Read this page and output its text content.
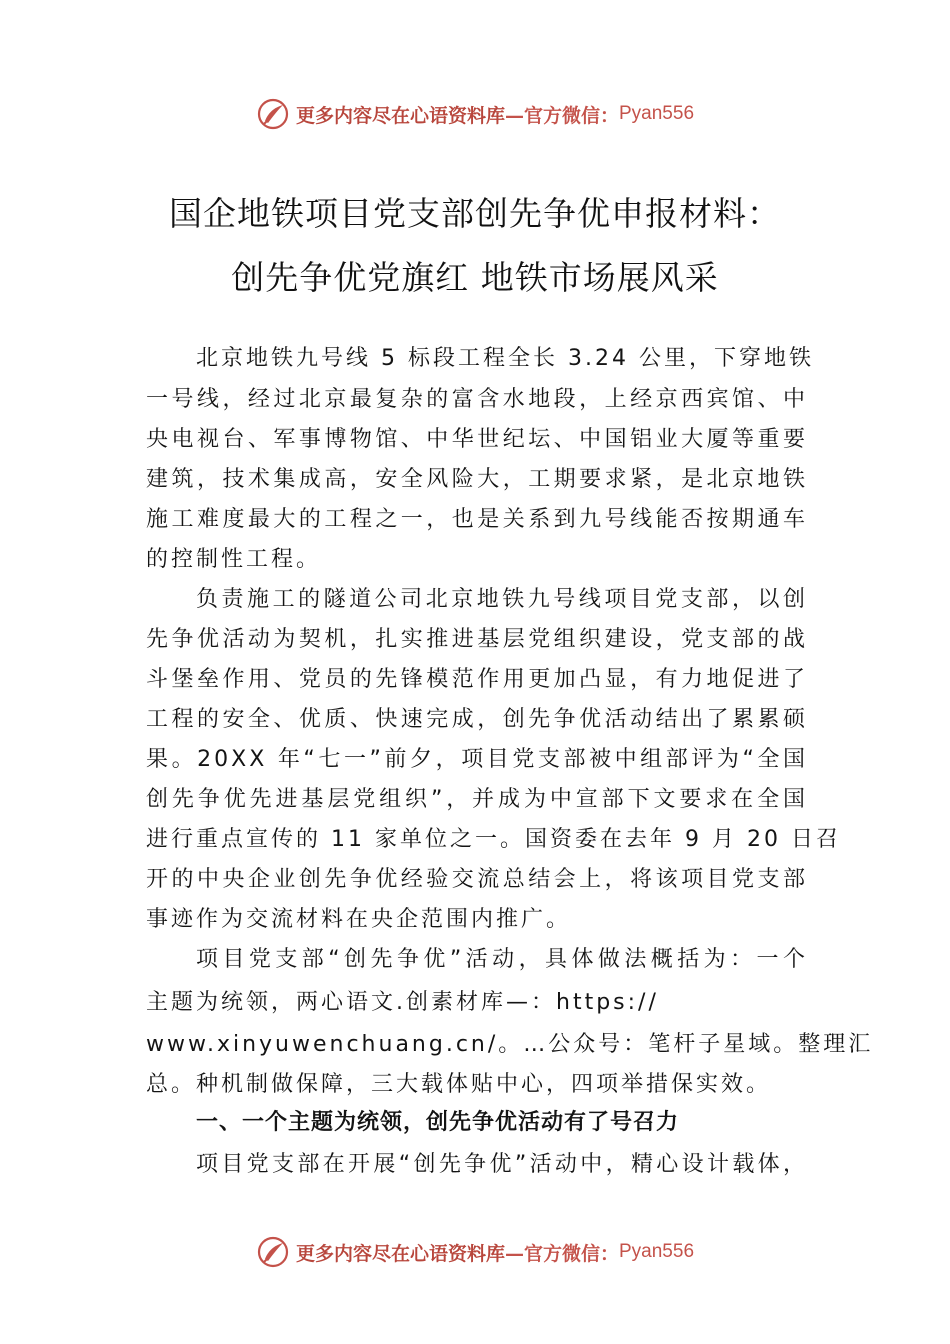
更多内容尽在心语资料库 —官方微信： Pyan556
国企地铁项目党支部创先争优申报材料：
创先争优党旗红 地铁市场展风采
北京地铁九号线 5 标段工程全长 3.24 公里，下穿地铁
一号线，经过北京最复杂的富含水地段，上经京西宾馆、中
央电视台、军事博物馆、中华世纪坛、中国铝业大厦等重要
建筑，技术集成高，安全风险大，工期要求紧，是北京地铁
施工难度最大的工程之一，也是关系到九号线能否按期通车
的控制性工程。
负责施工的隧道公司北京地铁九号线项目党支部，以创
先争优活动为契机，扎实推进基层党组织建设，党支部的战
斗堡垒作用、党员的先锋模范作用更加凸显，有力地促进了
工程的安全、优质、快速完成，创先争优活动结出了累累硕
果。20XX 年“七一”前夕，项目党支部被中组部评为“全国
创先争优先进基层党组织”，并成为中宣部下文要求在全国
进行重点宣传的 11 家单位之一。国资委在去年 9 月 20 日召
开的中央企业创先争优经验交流总结会上，将该项目党支部
事迹作为交流材料在央企范围内推广。
项目党支部“创先争优”活动，具体做法概括为：一个
主题为统领，两心语文.创素材库—：https://
www.xinyuwenchuang.cn/。…公众号：笔杆子星域。整理汇
总。种机制做保障，三大载体贴中心，四项举措保实效。
一、一个主题为统领，创先争优活动有了号召力
项目党支部在开展“创先争优”活动中，精心设计载体，
更多内容尽在心语资料库 —官方微信： Pyan556
